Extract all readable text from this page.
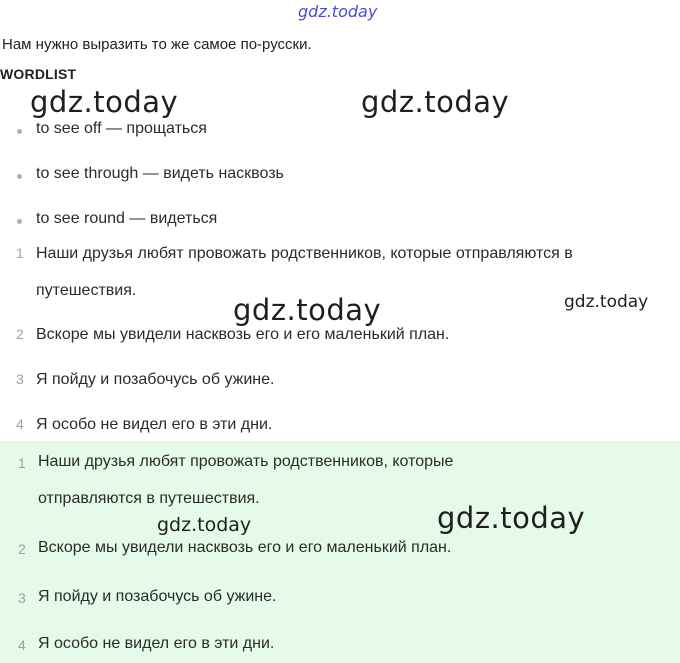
gdz.today
gdz.today	gdz.today
gdz.today	gdz.today
gdz.today	gdz.today
Нам нужно выразить то же самое по-русски.
WORDLIST
to see off — прощаться
to see through — видеть насквозь
to see round — видеться
1 Наши друзья любят провожать родственников, которые отправляются в
путешествия.
2 Вскоре мы увидели насквозь его и его маленький план.
3 Я пойду и позабочусь об ужине.
4 Я особо не видел его в эти дни.
1 Наши друзья любят провожать родственников, которые
отправляются в путешествия.
2 Вскоре мы увидели насквозь его и его маленький план.
3 Я пойду и позабочусь об ужине.
4 Я особо не видел его в эти дни.
